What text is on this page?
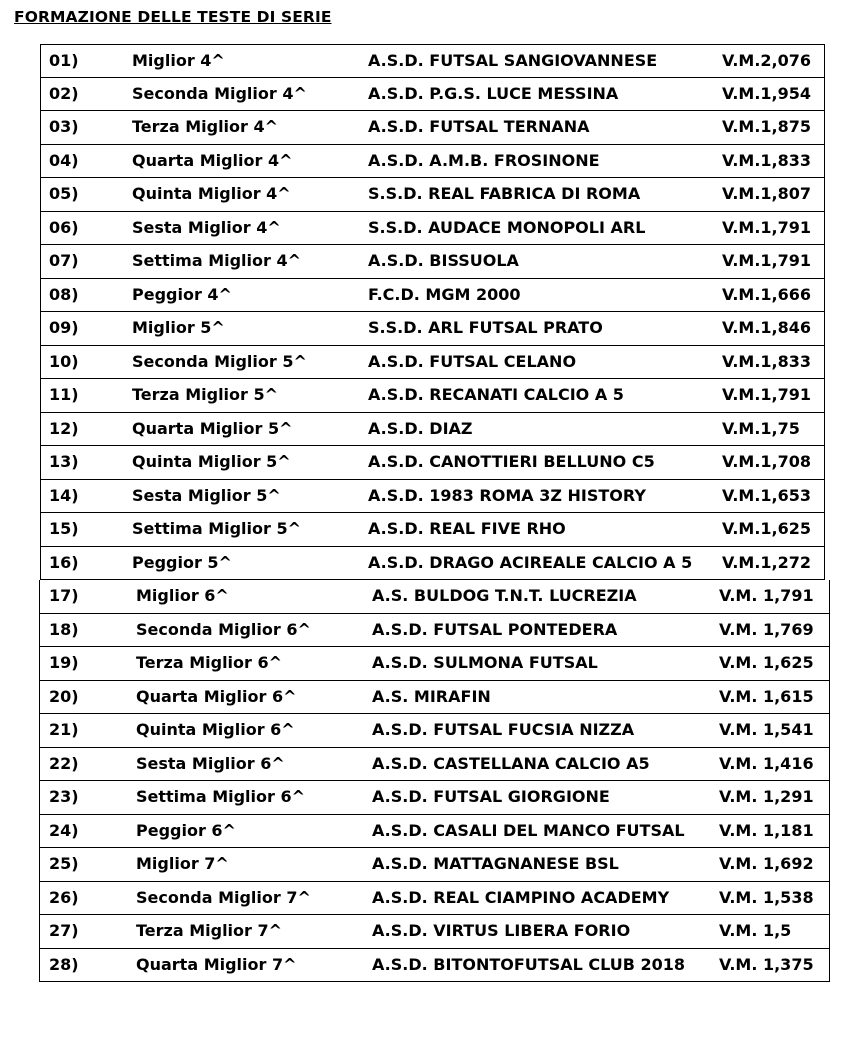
FORMAZIONE DELLE TESTE DI SERIE
01)	Miglior 4^	A.S.D. FUTSAL SANGIOVANNESE	V.M.2,076
02)	Seconda Miglior 4^	A.S.D. P.G.S. LUCE MESSINA	V.M.1,954
03)	Terza Miglior 4^	A.S.D. FUTSAL TERNANA	V.M.1,875
04)	Quarta Miglior 4^	A.S.D. A.M.B. FROSINONE	V.M.1,833
05)	Quinta Miglior 4^	S.S.D. REAL FABRICA DI ROMA	V.M.1,807
06)	Sesta Miglior 4^	S.S.D. AUDACE MONOPOLI ARL	V.M.1,791
07)	Settima Miglior 4^	A.S.D. BISSUOLA	V.M.1,791
08)	Peggior 4^	F.C.D. MGM 2000	V.M.1,666
09)	Miglior 5^	S.S.D. ARL FUTSAL PRATO	V.M.1,846
10)	Seconda Miglior 5^	A.S.D. FUTSAL CELANO	V.M.1,833
11)	Terza Miglior 5^	A.S.D. RECANATI CALCIO A 5	V.M.1,791
12)	Quarta Miglior 5^	A.S.D. DIAZ	V.M.1,75
13)	Quinta Miglior 5^	A.S.D. CANOTTIERI BELLUNO C5	V.M.1,708
14)	Sesta Miglior 5^	A.S.D. 1983 ROMA 3Z HISTORY	V.M.1,653
15)	Settima Miglior 5^	A.S.D. REAL FIVE RHO	V.M.1,625
16)	Peggior 5^	A.S.D. DRAGO ACIREALE CALCIO A 5 V.M.1,272
17)	Miglior 6^	A.S. BULDOG T.N.T. LUCREZIA	V.M. 1,791
18)	Seconda Miglior 6^	A.S.D. FUTSAL PONTEDERA	V.M. 1,769
19)	Terza Miglior 6^	A.S.D. SULMONA FUTSAL	V.M. 1,625
20)	Quarta Miglior 6^	A.S. MIRAFIN	V.M. 1,615
21)	Quinta Miglior 6^	A.S.D. FUTSAL FUCSIA NIZZA	V.M. 1,541
22)	Sesta Miglior 6^	A.S.D. CASTELLANA CALCIO A5	V.M. 1,416
23)	Settima Miglior 6^	A.S.D. FUTSAL GIORGIONE	V.M. 1,291
24)	Peggior 6^	A.S.D. CASALI DEL MANCO FUTSAL V.M. 1,181
25)	Miglior 7^	A.S.D. MATTAGNANESE BSL	V.M. 1,692
26)	Seconda Miglior 7^	A.S.D. REAL CIAMPINO ACADEMY	V.M. 1,538
27)	Terza Miglior 7^	A.S.D. VIRTUS LIBERA FORIO	V.M. 1,5
28)	Quarta Miglior 7^	A.S.D. BITONTOFUTSAL CLUB 2018 V.M. 1,375
